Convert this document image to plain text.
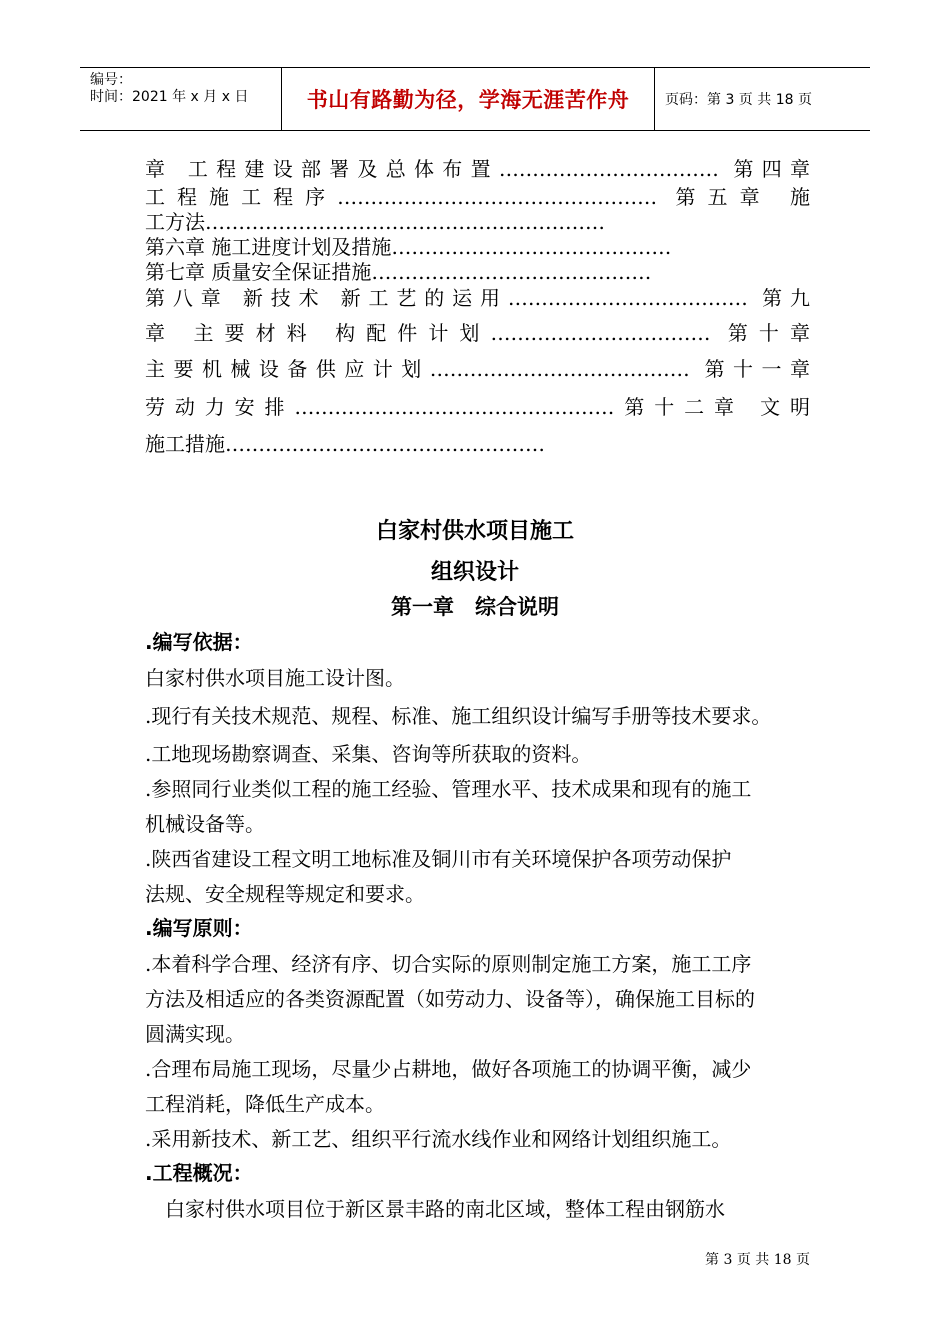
编号：
时间：2021 年 x 月 x 日	书山有路勤为径，学海无涯苦作舟	页码：第 3 页 共 18 页
章 工程建设部署及总体布置…………………………… 第四章
工程施工程序………………………………………… 第五章 施
工方法……………………………………………………
第六章 施工进度计划及措施……………………………………
第七章 质量安全保证措施……………………………………
第八章 新技术 新工艺的运用……………………………… 第九
章 主要材料 构配件计划…………………………… 第十章
主要机械设备供应计划………………………………… 第十一章
劳动力安排…………………………………………第十二章 文明
施工措施…………………………………………
白家村供水项目施工
组织设计
第一章　综合说明
.编写依据：
白家村供水项目施工设计图。
.现行有关技术规范、规程、标准、施工组织设计编写手册等技术要求。
.工地现场勘察调查、采集、咨询等所获取的资料。
.参照同行业类似工程的施工经验、管理水平、技术成果和现有的施工
机械设备等。
.陕西省建设工程文明工地标准及铜川市有关环境保护各项劳动保护
法规、安全规程等规定和要求。
.编写原则：
.本着科学合理、经济有序、切合实际的原则制定施工方案，施工工序
方法及相适应的各类资源配置（如劳动力、设备等），确保施工目标的
圆满实现。
.合理布局施工现场，尽量少占耕地，做好各项施工的协调平衡，减少
工程消耗，降低生产成本。
.采用新技术、新工艺、组织平行流水线作业和网络计划组织施工。
.工程概况：
　白家村供水项目位于新区景丰路的南北区域，整体工程由钢筋水
第 3 页 共 18 页
